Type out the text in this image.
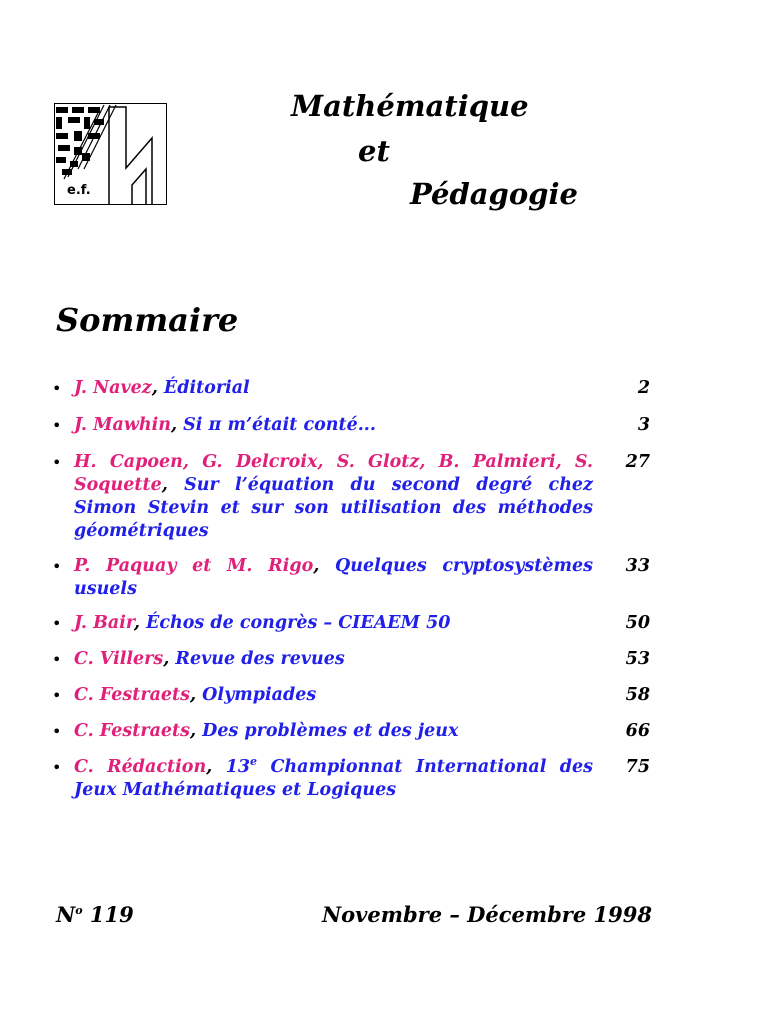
e.f.
Mathématique
et
Pédagogie
Sommaire
• J. Navez, Éditorial	2
• J. Mawhin, Si π m’était conté...	3
• H. Capoen, G. Delcroix, S. Glotz, B. Palmieri, S. Soquette, Sur l’équation du second degré chez Simon Stevin et sur son utilisation des méthodes géométriques
27
• P. Paquay et M. Rigo, Quelques cryptosystèmes usuels
33
• J. Bair, Échos de congrès – CIEAEM 50	50
• C. Villers, Revue des revues	53
• C. Festraets, Olympiades	58
• C. Festraets, Des problèmes et des jeux	66
• C. Rédaction, 13e Championnat International des Jeux Mathématiques et Logiques
75
$N^o$ 119	Novembre – Décembre 1998
